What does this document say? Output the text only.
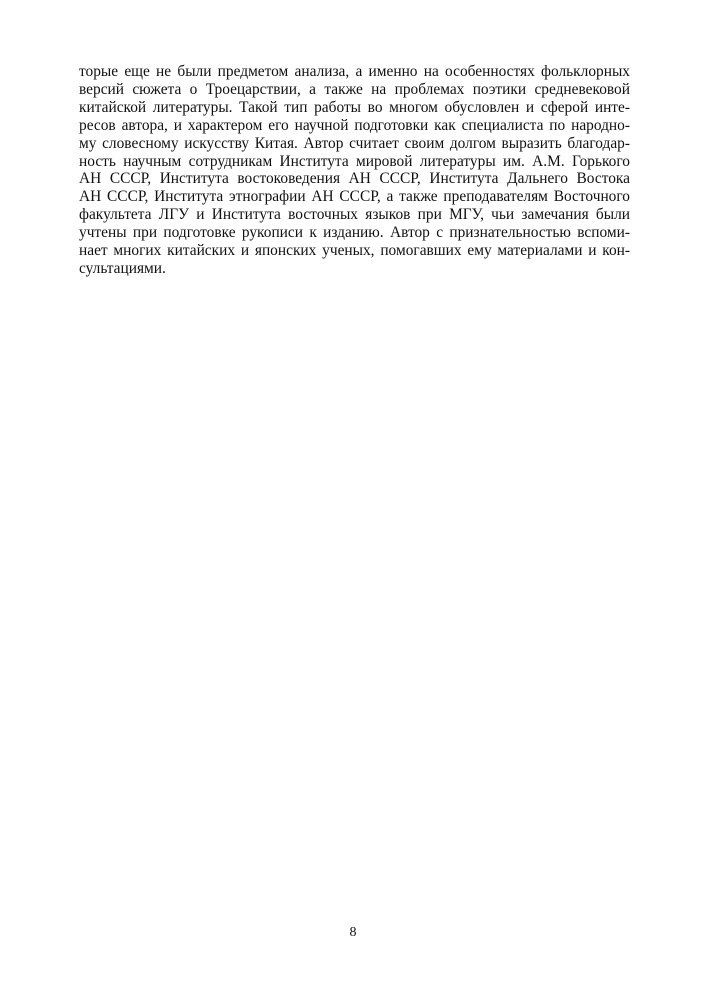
торые еще не были предметом анализа, а именно на особенностях фольклорных
версий сюжета о Троецарствии, а также на проблемах поэтики средневековой
китайской литературы. Такой тип работы во многом обусловлен и сферой инте-
ресов автора, и характером его научной подготовки как специалиста по народно-
му словесному искусству Китая. Автор считает своим долгом выразить благодар-
ность научным сотрудникам Института мировой литературы им. А.М. Горького
АН СССР, Института востоковедения АН СССР, Института Дальнего Востока
АН СССР, Института этнографии АН СССР, а также преподавателям Восточного
факультета ЛГУ и Института восточных языков при МГУ, чьи замечания были
учтены при подготовке рукописи к изданию. Автор с признательностью вспоми-
нает многих китайских и японских ученых, помогавших ему материалами и кон-
сультациями.
8
